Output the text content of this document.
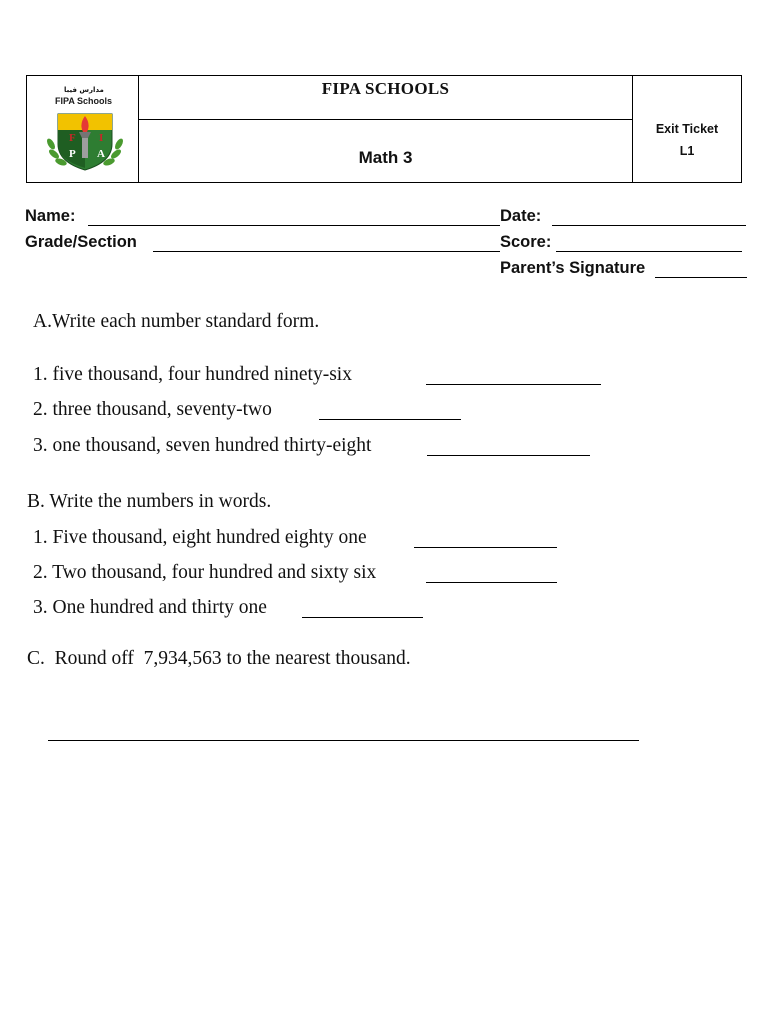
مدارس فيبا
FIPA Schools
F I
P A
FIPA SCHOOLS
Math 3
Exit Ticket
L1
Name:	Date:
Grade/Section	Score:
Parent’s Signature
A.Write each number standard form.
1. five thousand, four hundred ninety-six
2. three thousand, seventy-two
3. one thousand, seven hundred thirty-eight
B. Write the numbers in words.
1. Five thousand, eight hundred eighty one
2. Two thousand, four hundred and sixty six
3. One hundred and thirty one
C. Round off  7,934,563 to the nearest thousand.
